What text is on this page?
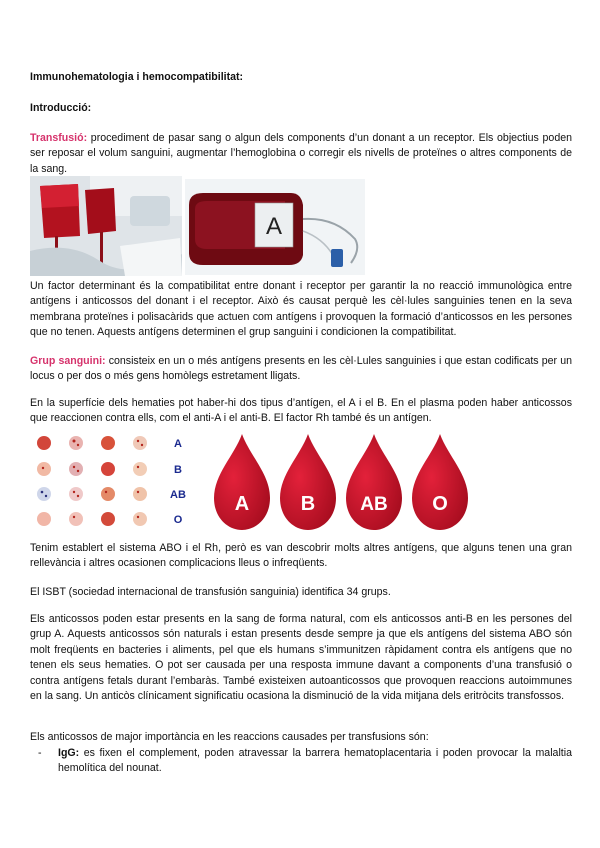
Immunohematologia i hemocompatibilitat:

Introducció:

Transfusió: procediment de pasar sang o algun dels components d’un donant a un receptor. Els objectius poden ser reposar el volum sanguini, augmentar l’hemoglobina o corregir els nivells de proteïnes o altres components de la sang.

A

Un factor determinant és la compatibilitat entre donant i receptor per garantir la no reacció immunològica entre antígens i anticossos del donant i el receptor. Això és causat perquè les cèl·lules sanguinies tenen en la seva membrana proteïnes i polisacàrids que actuen com antígens i provoquen la formació d’anticossos en les persones que no tenen. Aquests antígens determinen el grup sanguini i condicionen la compatibilitat.

Grup sanguini: consisteix en un o més antígens presents en les cèl·Lules sanguinies i que estan codificats per un locus o per dos o més gens homòlegs estretament lligats.

En la superfície dels hematies pot haber-hi dos tipus d’antígen, el A i el B. En el plasma poden haber anticossos que reaccionen contra ells, com el anti-A i el anti-B. El factor Rh també és un antígen.

A
B
AB
O
A	B AB O

Tenim establert el sistema ABO i el Rh, però es van descobrir molts altres antígens, que alguns tenen una gran rellevància i altres ocasionen complicacions lleus o infreqüents.

El ISBT (sociedad internacional de transfusión sanguinia) identifica 34 grups.

Els anticossos poden estar presents en la sang de forma natural, com els anticossos anti-B en les persones del grup A. Aquests anticossos són naturals i estan presents desde sempre ja que els antígens del sistema ABO són molt freqüents en bacteries i aliments, pel que els humans s’immunitzen ràpidament contra els antígens que no tenen els seus hematies. O pot ser causada per una resposta immune davant a components d’una transfusió o contra antígens fetals durant l’embaràs. També existeixen autoanticossos que provoquen reaccions autoimmunes en la sang. Un anticòs clínicament significatiu ocasiona la disminució de la vida mitjana dels eritròcits transfossos.

Els anticossos de major importància en les reaccions causades per transfusions són:

- IgG: es fixen el complement, poden atravessar la barrera hematoplacentaria i poden provocar la malaltia hemolítica del nounat.
